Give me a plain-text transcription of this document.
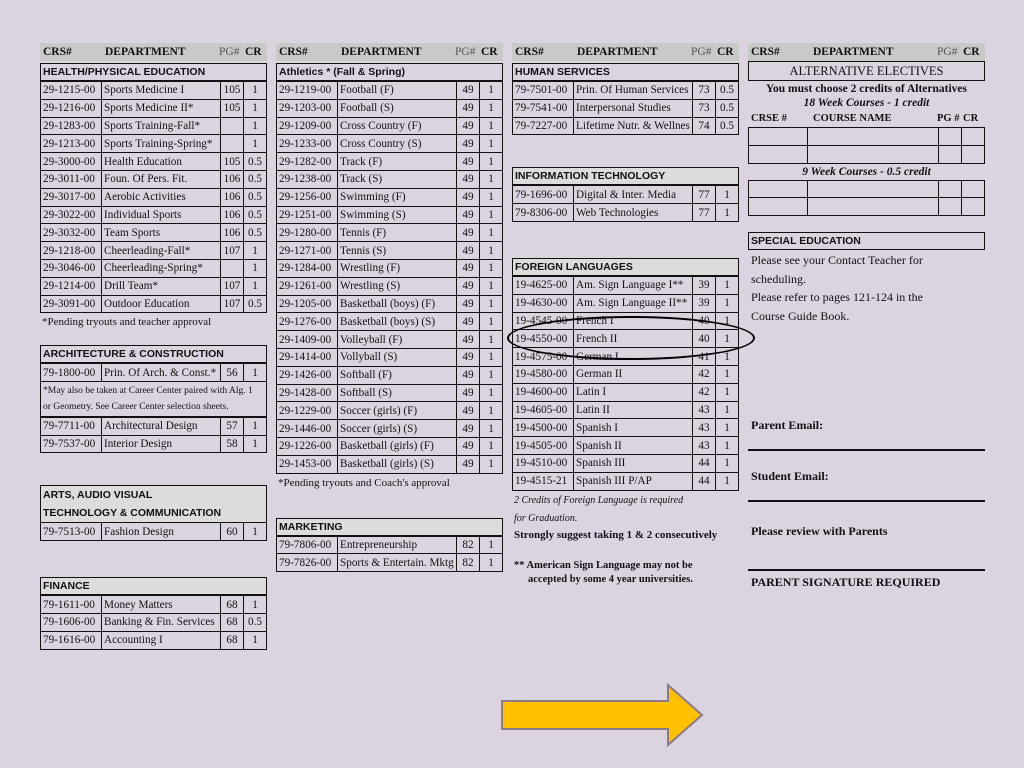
CRS#	DEPARTMENT	PG# CR
HEALTH/PHYSICAL EDUCATION
29-1215-00	Sports Medicine I	105	1
29-1216-00	Sports Medicine II*	105	1
29-1283-00	Sports Training-Fall*		1
29-1213-00	Sports Training-Spring*		1
29-3000-00	Health Education	105	0.5
29-3011-00	Foun. Of Pers. Fit.	106	0.5
29-3017-00	Aerobic Activities	106	0.5
29-3022-00	Individual Sports	106	0.5
29-3032-00	Team Sports	106	0.5
29-1218-00	Cheerleading-Fall*	107	1
29-3046-00	Cheerleading-Spring*		1
29-1214-00	Drill Team*	107	1
29-3091-00	Outdoor Education	107	0.5
*Pending tryouts and teacher approval
ARCHITECTURE & CONSTRUCTION
79-1800-00	Prin. Of Arch. & Const.*	56	1
*May also be taken at Career Center paired with Alg. 1
or Geometry. See Career Center selection sheets.
79-7711-00	Architectural Design	57	1
79-7537-00	Interior Design	58	1
ARTS, AUDIO VISUAL
TECHNOLOGY & COMMUNICATION
79-7513-00	Fashion Design	60	1
FINANCE
79-1611-00	Money Matters	68	1
79-1606-00	Banking & Fin. Services	68	0.5
79-1616-00	Accounting I	68	1
CRS#	DEPARTMENT	PG# CR
Athletics * (Fall & Spring)
29-1219-00	Football (F)	49	1
29-1203-00	Football (S)	49	1
29-1209-00	Cross Country (F)	49	1
29-1233-00	Cross Country (S)	49	1
29-1282-00	Track (F)	49	1
29-1238-00	Track (S)	49	1
29-1256-00	Swimming (F)	49	1
29-1251-00	Swimming (S)	49	1
29-1280-00	Tennis (F)	49	1
29-1271-00	Tennis (S)	49	1
29-1284-00	Wrestling (F)	49	1
29-1261-00	Wrestling (S)	49	1
29-1205-00	Basketball (boys) (F)	49	1
29-1276-00	Basketball (boys) (S)	49	1
29-1409-00	Volleyball (F)	49	1
29-1414-00	Vollyball (S)	49	1
29-1426-00	Softball (F)	49	1
29-1428-00	Softball (S)	49	1
29-1229-00	Soccer (girls) (F)	49	1
29-1446-00	Soccer (girls) (S)	49	1
29-1226-00	Basketball (girls) (F)	49	1
29-1453-00	Basketball (girls) (S)	49	1
*Pending tryouts and Coach's approval
MARKETING
79-7806-00	Entrepreneurship	82	1
79-7826-00	Sports & Entertain. Mktg	82	1
CRS#	DEPARTMENT	PG# CR
HUMAN SERVICES
79-7501-00	Prin. Of Human Services	73	0.5
79-7541-00	Interpersonal Studies	73	0.5
79-7227-00	Lifetime Nutr. & Wellnes	74	0.5
INFORMATION TECHNOLOGY
79-1696-00	Digital & Inter. Media	77	1
79-8306-00	Web Technologies	77	1
FOREIGN LANGUAGES
19-4625-00	Am. Sign Language I**	39	1
19-4630-00	Am. Sign Language II**	39	1
19-4545-00	French I	40	1
19-4550-00	French II	40	1
19-4575-00	German I	41	1
19-4580-00	German II	42	1
19-4600-00	Latin I	42	1
19-4605-00	Latin II	43	1
19-4500-00	Spanish I	43	1
19-4505-00	Spanish II	43	1
19-4510-00	Spanish III	44	1
19-4515-21	Spanish III P/AP	44	1
2 Credits of Foreign Language is required
for Graduation.
Strongly suggest taking 1 & 2 consecutively
** American Sign Language may not be
accepted by some 4 year universities.
CRS#	DEPARTMENT	PG# CR
ALTERNATIVE ELECTIVES
You must choose 2 credits of Alternatives
18 Week Courses - 1 credit
CRSE #	COURSE NAME	PG # CR

9 Week Courses - 0.5 credit

SPECIAL EDUCATION
Please see your Contact Teacher for
scheduling.
Please refer to pages 121-124 in the
Course Guide Book.
Parent Email:
Student Email:
Please review with Parents
PARENT SIGNATURE REQUIRED
